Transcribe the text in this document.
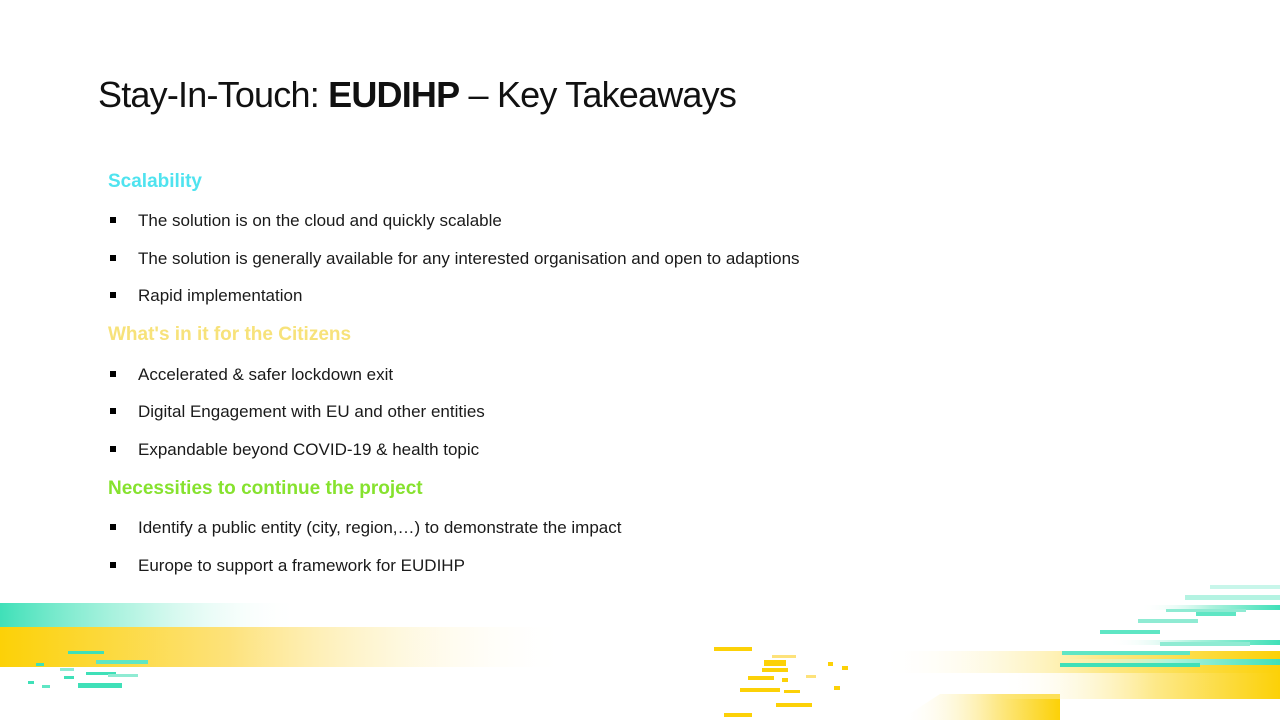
Stay-In-Touch: EUDIHP – Key Takeaways
Scalability
The solution is on the cloud and quickly scalable
The solution is generally available for any interested organisation and open to adaptions
Rapid implementation
What's in it for the Citizens
Accelerated & safer lockdown exit
Digital Engagement with EU and other entities
Expandable beyond COVID-19 & health topic
Necessities to continue the project
Identify a public entity (city, region,…) to demonstrate the impact
Europe to support a framework for EUDIHP
